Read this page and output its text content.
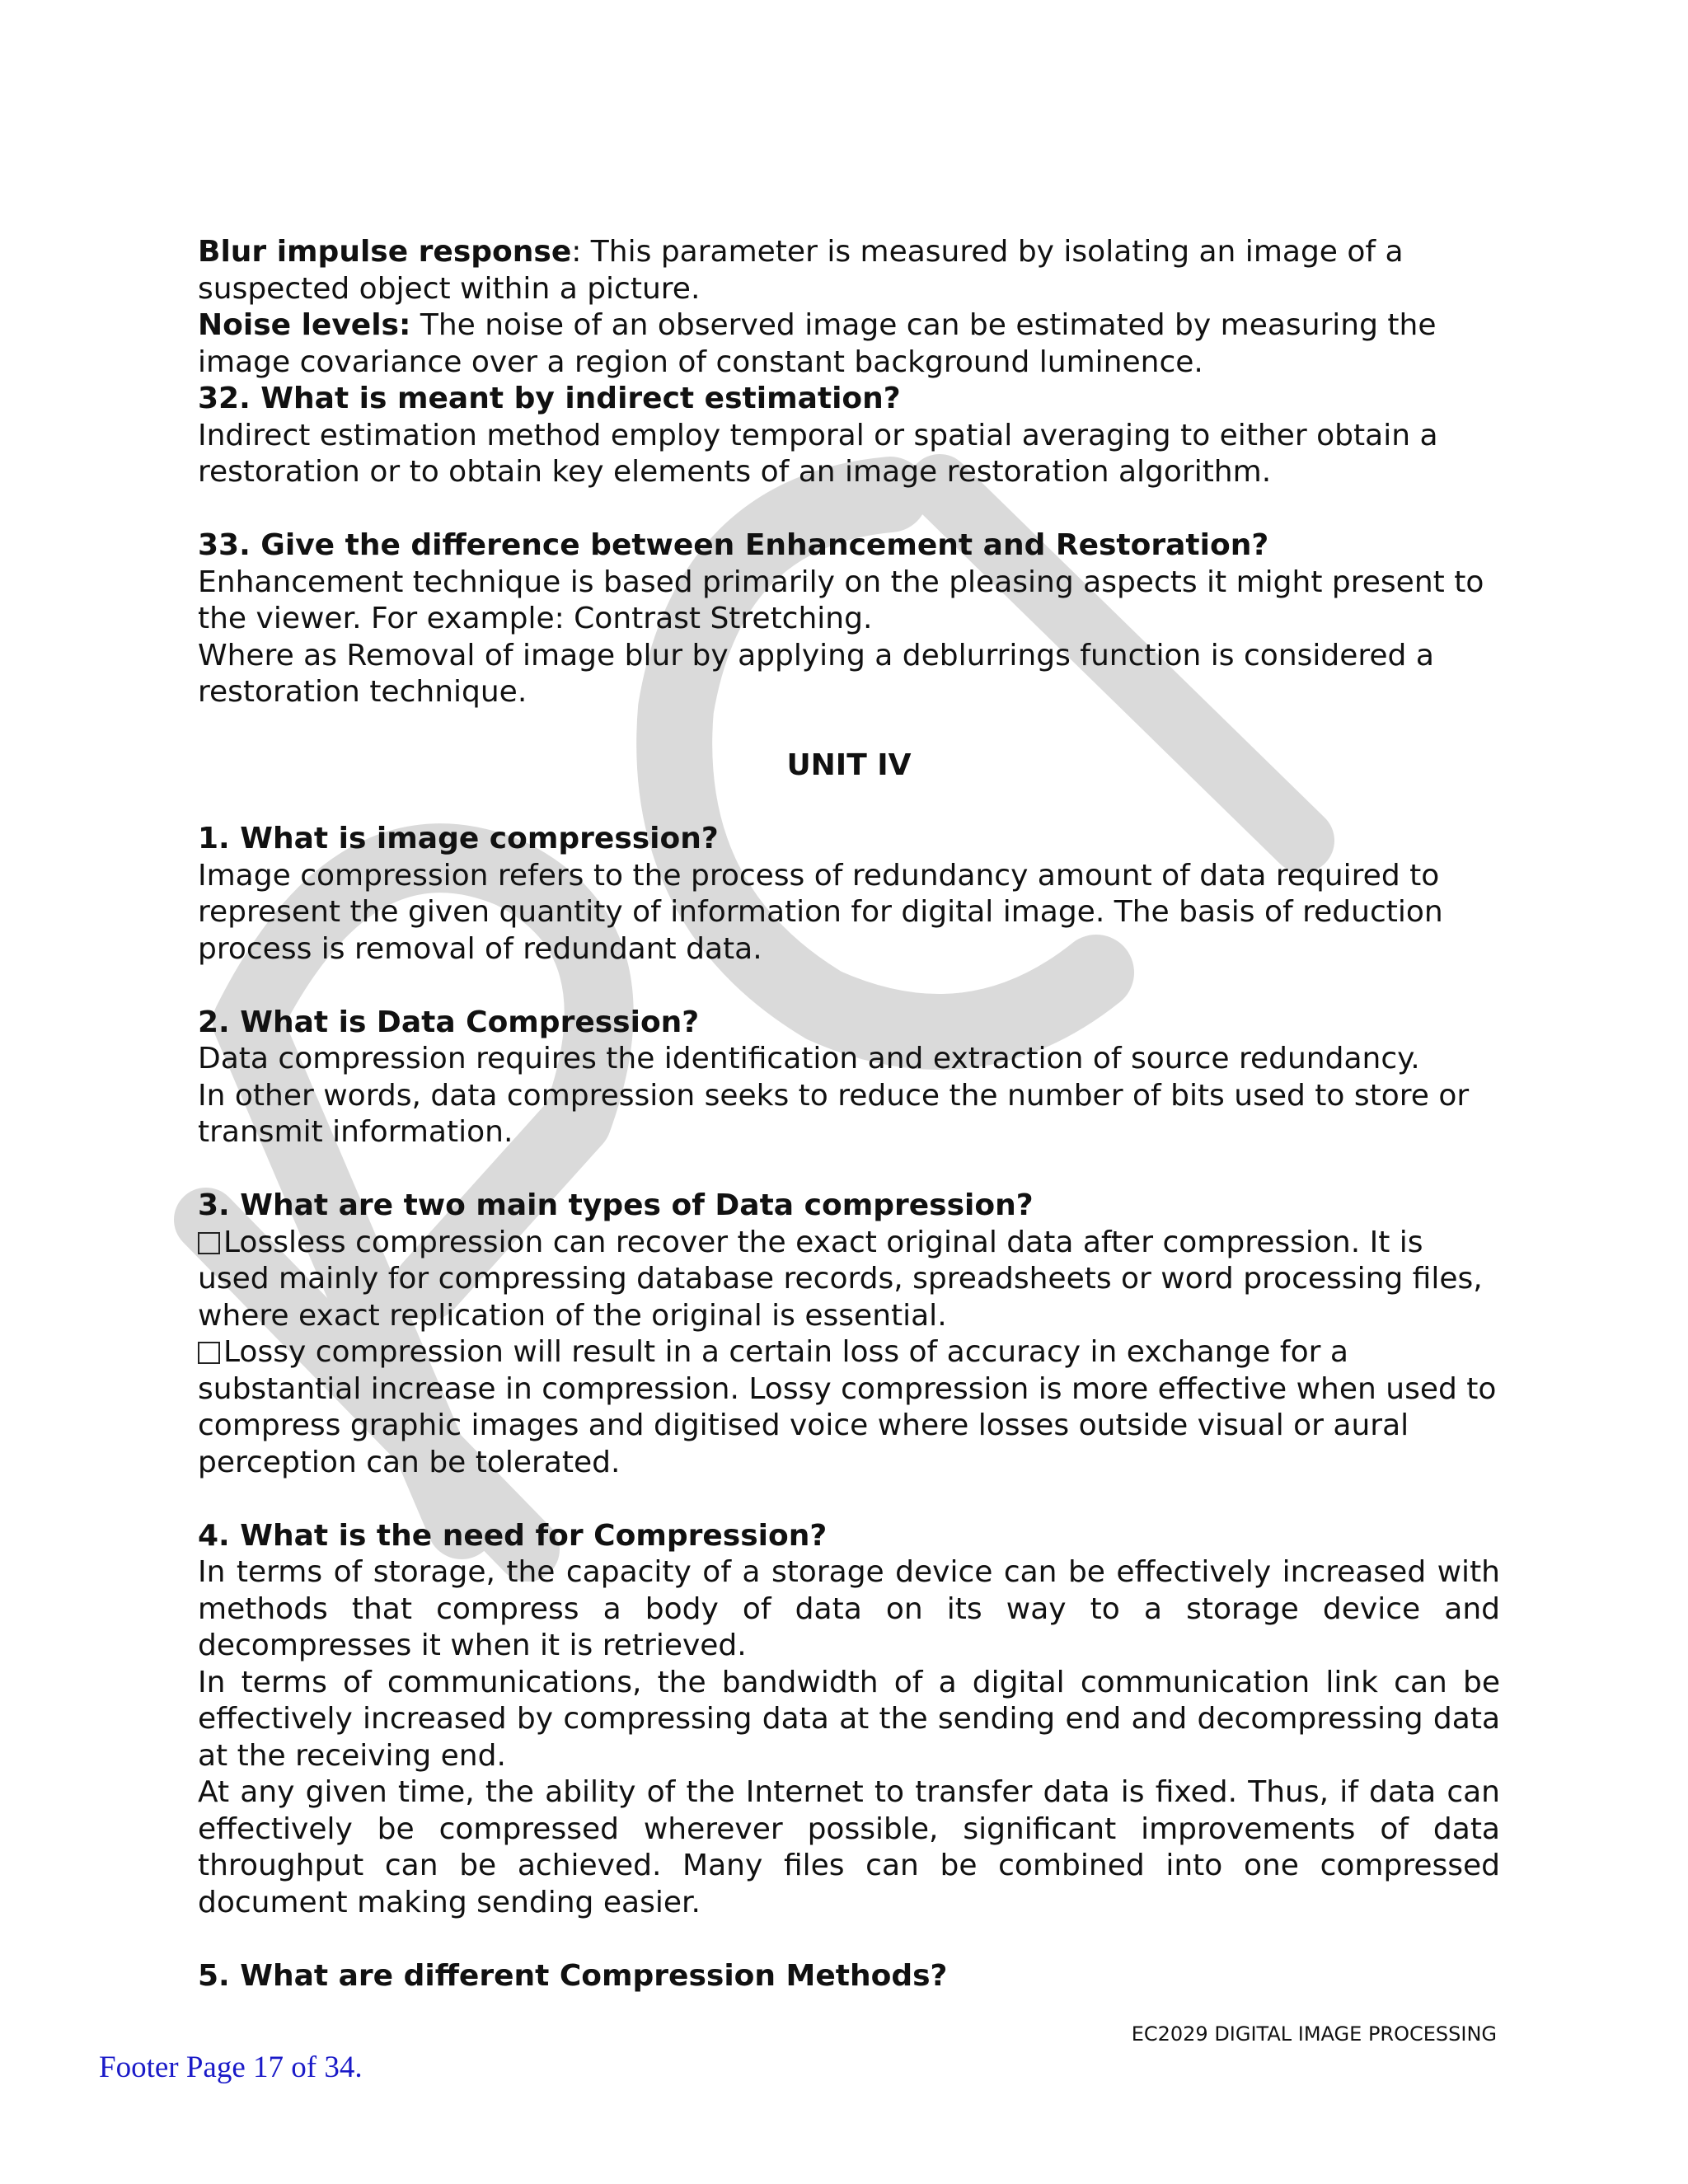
Blur impulse response: This parameter is measured by isolating an image of a suspected object within a picture.

Noise levels: The noise of an observed image can be estimated by measuring the image covariance over a region of constant background luminence.

32. What is meant by indirect estimation?

Indirect estimation method employ temporal or spatial averaging to either obtain a restoration or to obtain key elements of an image restoration algorithm.

33. Give the difference between Enhancement and Restoration?

Enhancement technique is based primarily on the pleasing aspects it might present to the viewer. For example: Contrast Stretching.

Where as Removal of image blur by applying a deblurrings function is considered a restoration technique.

UNIT IV

1. What is image compression?

Image compression refers to the process of redundancy amount of data required to represent the given quantity of information for digital image. The basis of reduction process is removal of redundant data.

2. What is Data Compression?

Data compression requires the identification and extraction of source redundancy.

In other words, data compression seeks to reduce the number of bits used to store or transmit information.

3. What are two main types of Data compression?

Lossless compression can recover the exact original data after compression. It is used mainly for compressing database records, spreadsheets or word processing files, where exact replication of the original is essential.

Lossy compression will result in a certain loss of accuracy in exchange for a substantial increase in compression. Lossy compression is more effective when used to compress graphic images and digitised voice where losses outside visual or aural perception can be tolerated.

4. What is the need for Compression?

In terms of storage, the capacity of a storage device can be effectively increased with methods that compress a body of data on its way to a storage device and decompresses it when it is retrieved.

In terms of communications, the bandwidth of a digital communication link can be effectively increased by compressing data at the sending end and decompressing data at the receiving end.

At any given time, the ability of the Internet to transfer data is fixed. Thus, if data can effectively be compressed wherever possible, significant improvements of data throughput can be achieved. Many files can be combined into one compressed document making sending easier.

5. What are different Compression Methods?

EC2029 DIGITAL IMAGE PROCESSING
Footer Page 17 of 34.
